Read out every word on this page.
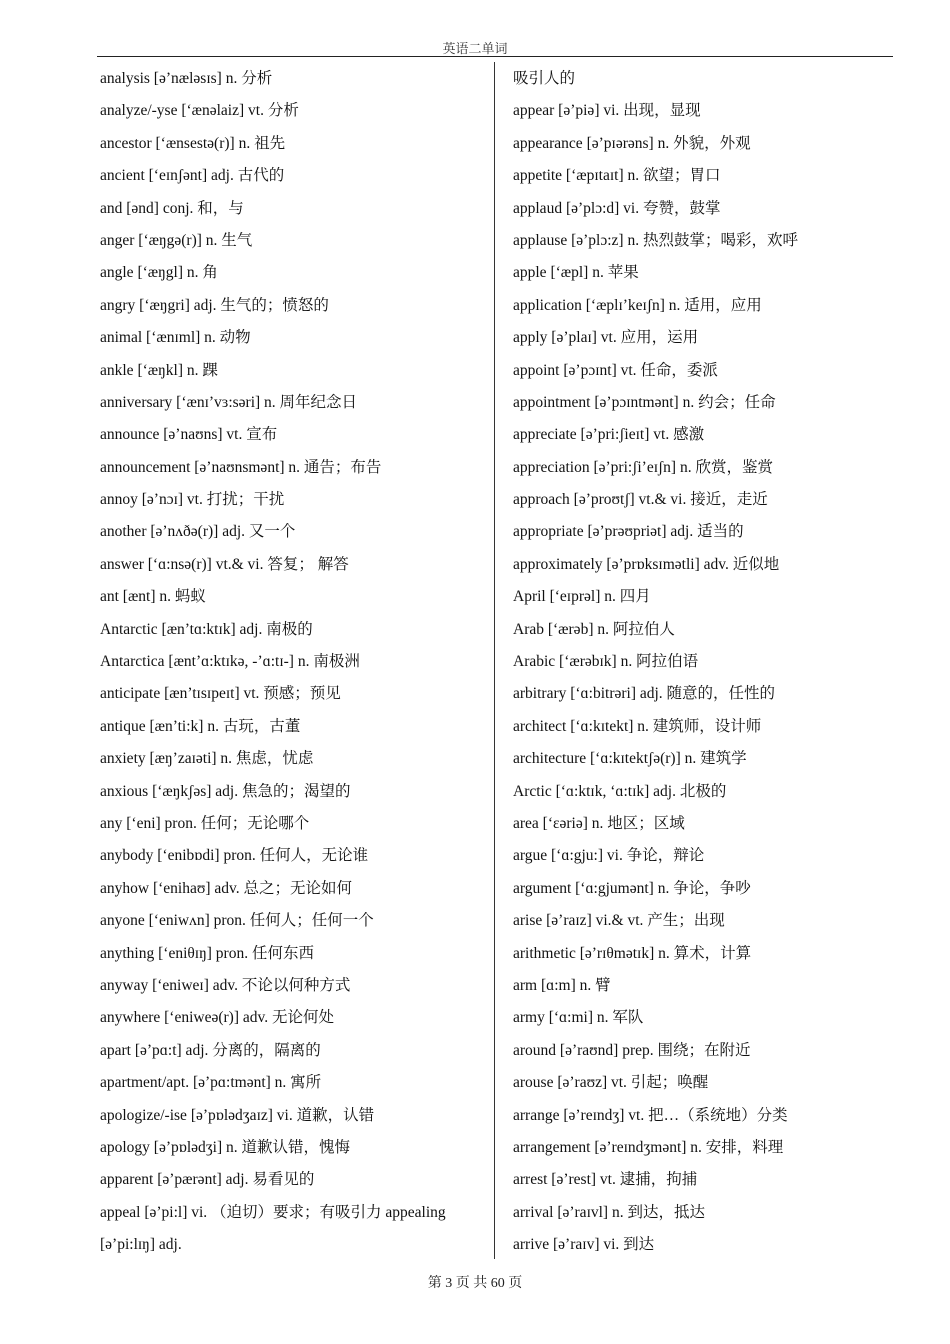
英语二单词
analysis [ə’næləsɪs] n. 分析
analyze/-yse [‘ænəlaiz] vt. 分析
ancestor [‘ænsestə(r)] n. 祖先
ancient [‘eɪnʃənt] adj. 古代的
and [ənd] conj. 和，与
anger [‘æŋgə(r)] n. 生气
angle [‘æŋgl] n. 角
angry [‘æŋgri] adj. 生气的；愤怒的
animal [‘ænɪml] n. 动物
ankle [‘æŋkl] n. 踝
anniversary [‘ænɪ’vɜ:səri] n. 周年纪念日
announce [ə’naʊns] vt. 宣布
announcement [ə’naʊnsmənt] n. 通告；布告
annoy [ə’nɔɪ] vt. 打扰；干扰
another [ə’nʌðə(r)] adj. 又一个
answer [‘ɑ:nsə(r)] vt.& vi. 答复； 解答
ant [ænt] n. 蚂蚁
Antarctic [æn’tɑ:ktɪk] adj. 南极的
Antarctica [ænt’ɑ:ktɪkə, -’ɑ:tɪ-] n. 南极洲
anticipate [æn’tɪsɪpeɪt] vt. 预感；预见
antique [æn’ti:k] n. 古玩，古董
anxiety [æŋ’zaɪəti] n. 焦虑，忧虑
anxious [‘æŋkʃəs] adj. 焦急的；渴望的
any [‘eni] pron. 任何；无论哪个
anybody [‘enibɒdi] pron. 任何人，无论谁
anyhow [‘enihaʊ] adv. 总之；无论如何
anyone [‘eniwʌn] pron. 任何人；任何一个
anything [‘eniθɪŋ] pron. 任何东西
anyway [‘eniweɪ] adv. 不论以何种方式
anywhere [‘eniweə(r)] adv. 无论何处
apart [ə’pɑ:t] adj. 分离的，隔离的
apartment/apt. [ə’pɑ:tmənt] n. 寓所
apologize/-ise [ə’pɒlədʒaɪz] vi. 道歉，认错
apology [ə’pɒlədʒi] n. 道歉认错，愧悔
apparent [ə’pærənt] adj. 易看见的
appeal [ə’pi:l] vi. （迫切）要求；有吸引力 appealing
[ə’pi:lɪŋ] adj.
吸引人的
appear [ə’piə] vi. 出现，显现
appearance [ə’pɪərəns] n. 外貌，外观
appetite [‘æpɪtaɪt] n. 欲望；胃口
applaud [ə’plɔ:d] vi. 夸赞，鼓掌
applause [ə’plɔ:z] n. 热烈鼓掌；喝彩，欢呼
apple [‘æpl] n. 苹果
application [‘æplɪ’keɪʃn] n. 适用，应用
apply [ə’plaɪ] vt. 应用，运用
appoint [ə’pɔɪnt] vt. 任命，委派
appointment [ə’pɔɪntmənt] n. 约会；任命
appreciate [ə’pri:ʃieɪt] vt. 感激
appreciation [ə’pri:ʃi’eɪʃn] n. 欣赏，鉴赏
approach [ə’proʊtʃ] vt.& vi. 接近，走近
appropriate [ə’prəʊpriət] adj. 适当的
approximately [ə’prɒksɪmətli] adv. 近似地
April [‘eɪprəl] n. 四月
Arab [‘ærəb] n. 阿拉伯人
Arabic [‘ærəbɪk] n. 阿拉伯语
arbitrary [‘ɑ:bitrəri] adj. 随意的，任性的
architect [‘ɑ:kɪtekt] n. 建筑师，设计师
architecture [‘ɑ:kɪtektʃə(r)] n. 建筑学
Arctic [‘ɑ:ktɪk, ‘ɑ:tɪk] adj. 北极的
area [‘ɛəriə] n. 地区；区域
argue [‘ɑ:gju:] vi. 争论，辩论
argument [‘ɑ:gjumənt] n. 争论，争吵
arise [ə’raɪz] vi.& vt. 产生；出现
arithmetic [ə’rɪθmətɪk] n. 算术，计算
arm [ɑ:m] n. 臂
army [‘ɑ:mi] n. 军队
around [ə’raʊnd] prep. 围绕；在附近
arouse [ə’raʊz] vt. 引起；唤醒
arrange [ə’reɪndʒ] vt. 把…（系统地）分类
arrangement [ə’reɪndʒmənt] n. 安排，料理
arrest [ə’rest] vt. 逮捕，拘捕
arrival [ə’raɪvl] n. 到达，抵达
arrive [ə’raɪv] vi. 到达
第 3 页 共 60 页
